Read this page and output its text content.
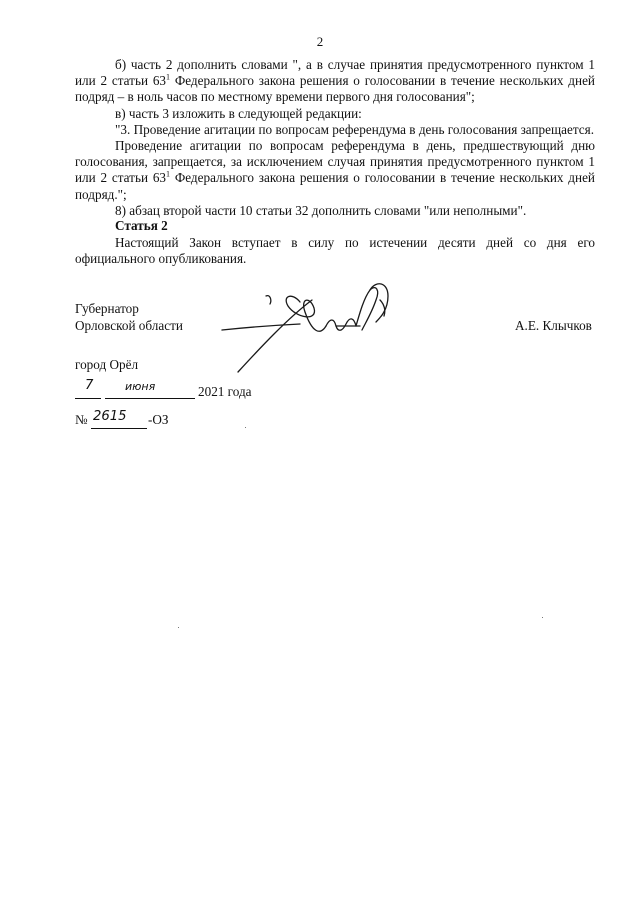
2

б) часть 2 дополнить словами ", а в случае принятия предусмотренного пунктом 1 или 2 статьи $63^1$ Федерального закона решения о голосовании в течение нескольких дней подряд – в ноль часов по местному времени первого дня голосования";

в) часть 3 изложить в следующей редакции:

"3. Проведение агитации по вопросам референдума в день голосования запрещается.

Проведение агитации по вопросам референдума в день, предшествующий дню голосования, запрещается, за исключением случая принятия предусмотренного пунктом 1 или 2 статьи $63^1$ Федерального закона решения о голосовании в течение нескольких дней подряд.";

8) абзац второй части 10 статьи 32 дополнить словами "или неполными".

Статья 2
Настоящий Закон вступает в силу по истечении десяти дней со дня его официального опубликования.
Губернатор
Орловской области	А.Е. Клычков
город Орёл
7	июня	2021 года
№ 2615 -ОЗ
